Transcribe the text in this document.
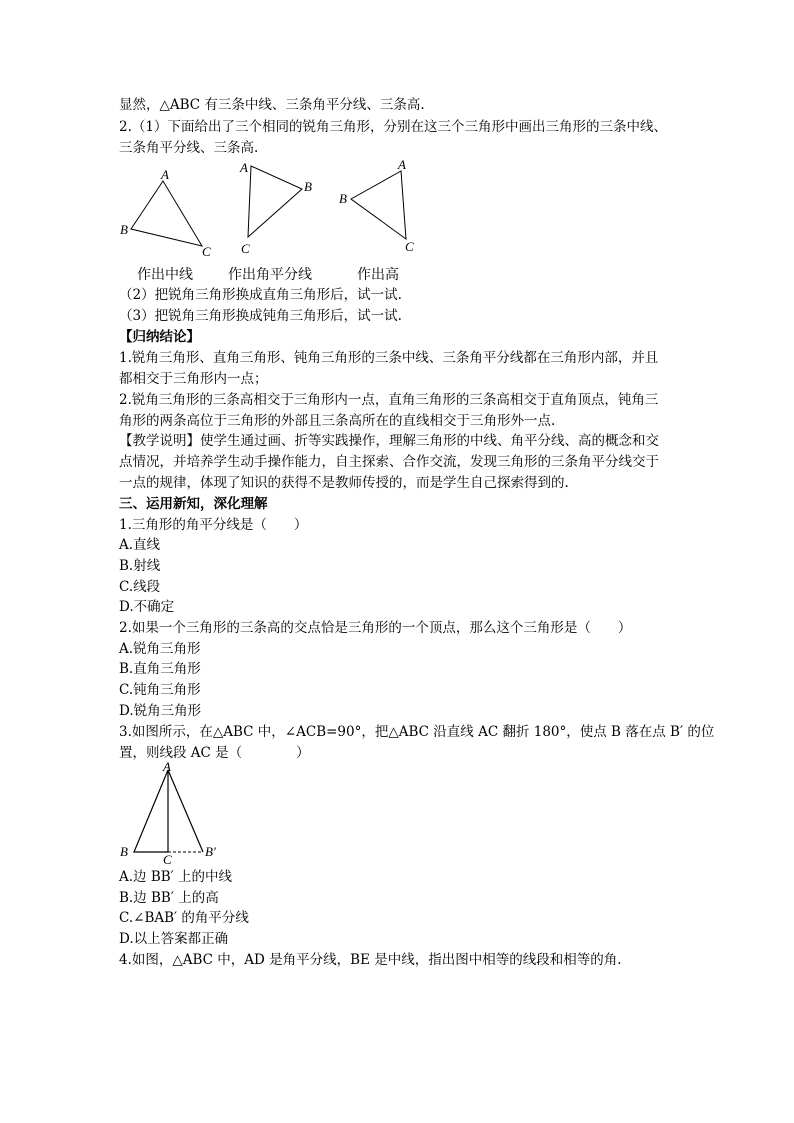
显然，△ABC 有三条中线、三条角平分线、三条高.
2.（1）下面给出了三个相同的锐角三角形，分别在这三个三角形中画出三角形的三条中线、
三条角平分线、三条高.
A
B
C
A
B
C
A
B
C
作出中线	作出角平分线	作出高
（2）把锐角三角形换成直角三角形后，试一试.
（3）把锐角三角形换成钝角三角形后，试一试.
【归纳结论】
1.锐角三角形、直角三角形、钝角三角形的三条中线、三条角平分线都在三角形内部，并且
都相交于三角形内一点；
2.锐角三角形的三条高相交于三角形内一点，直角三角形的三条高相交于直角顶点，钝角三
角形的两条高位于三角形的外部且三条高所在的直线相交于三角形外一点.
【教学说明】使学生通过画、折等实践操作，理解三角形的中线、角平分线、高的概念和交
点情况，并培养学生动手操作能力，自主探索、合作交流，发现三角形的三条角平分线交于
一点的规律，体现了知识的获得不是教师传授的，而是学生自己探索得到的.
三、运用新知，深化理解
1.三角形的角平分线是（　　）
A.直线
B.射线
C.线段
D.不确定
2.如果一个三角形的三条高的交点恰是三角形的一个顶点，那么这个三角形是（　　）
A.锐角三角形
B.直角三角形
C.钝角三角形
D.锐角三角形
3.如图所示，在△ABC 中，∠ACB=90°，把△ABC 沿直线 AC 翻折 180°，使点 B 落在点 B′ 的位
置，则线段 AC 是（　　　　）
A
B
C
B′
A.边 BB′ 上的中线
B.边 BB′ 上的高
C.∠BAB′ 的角平分线
D.以上答案都正确
4.如图，△ABC 中，AD 是角平分线，BE 是中线，指出图中相等的线段和相等的角.
